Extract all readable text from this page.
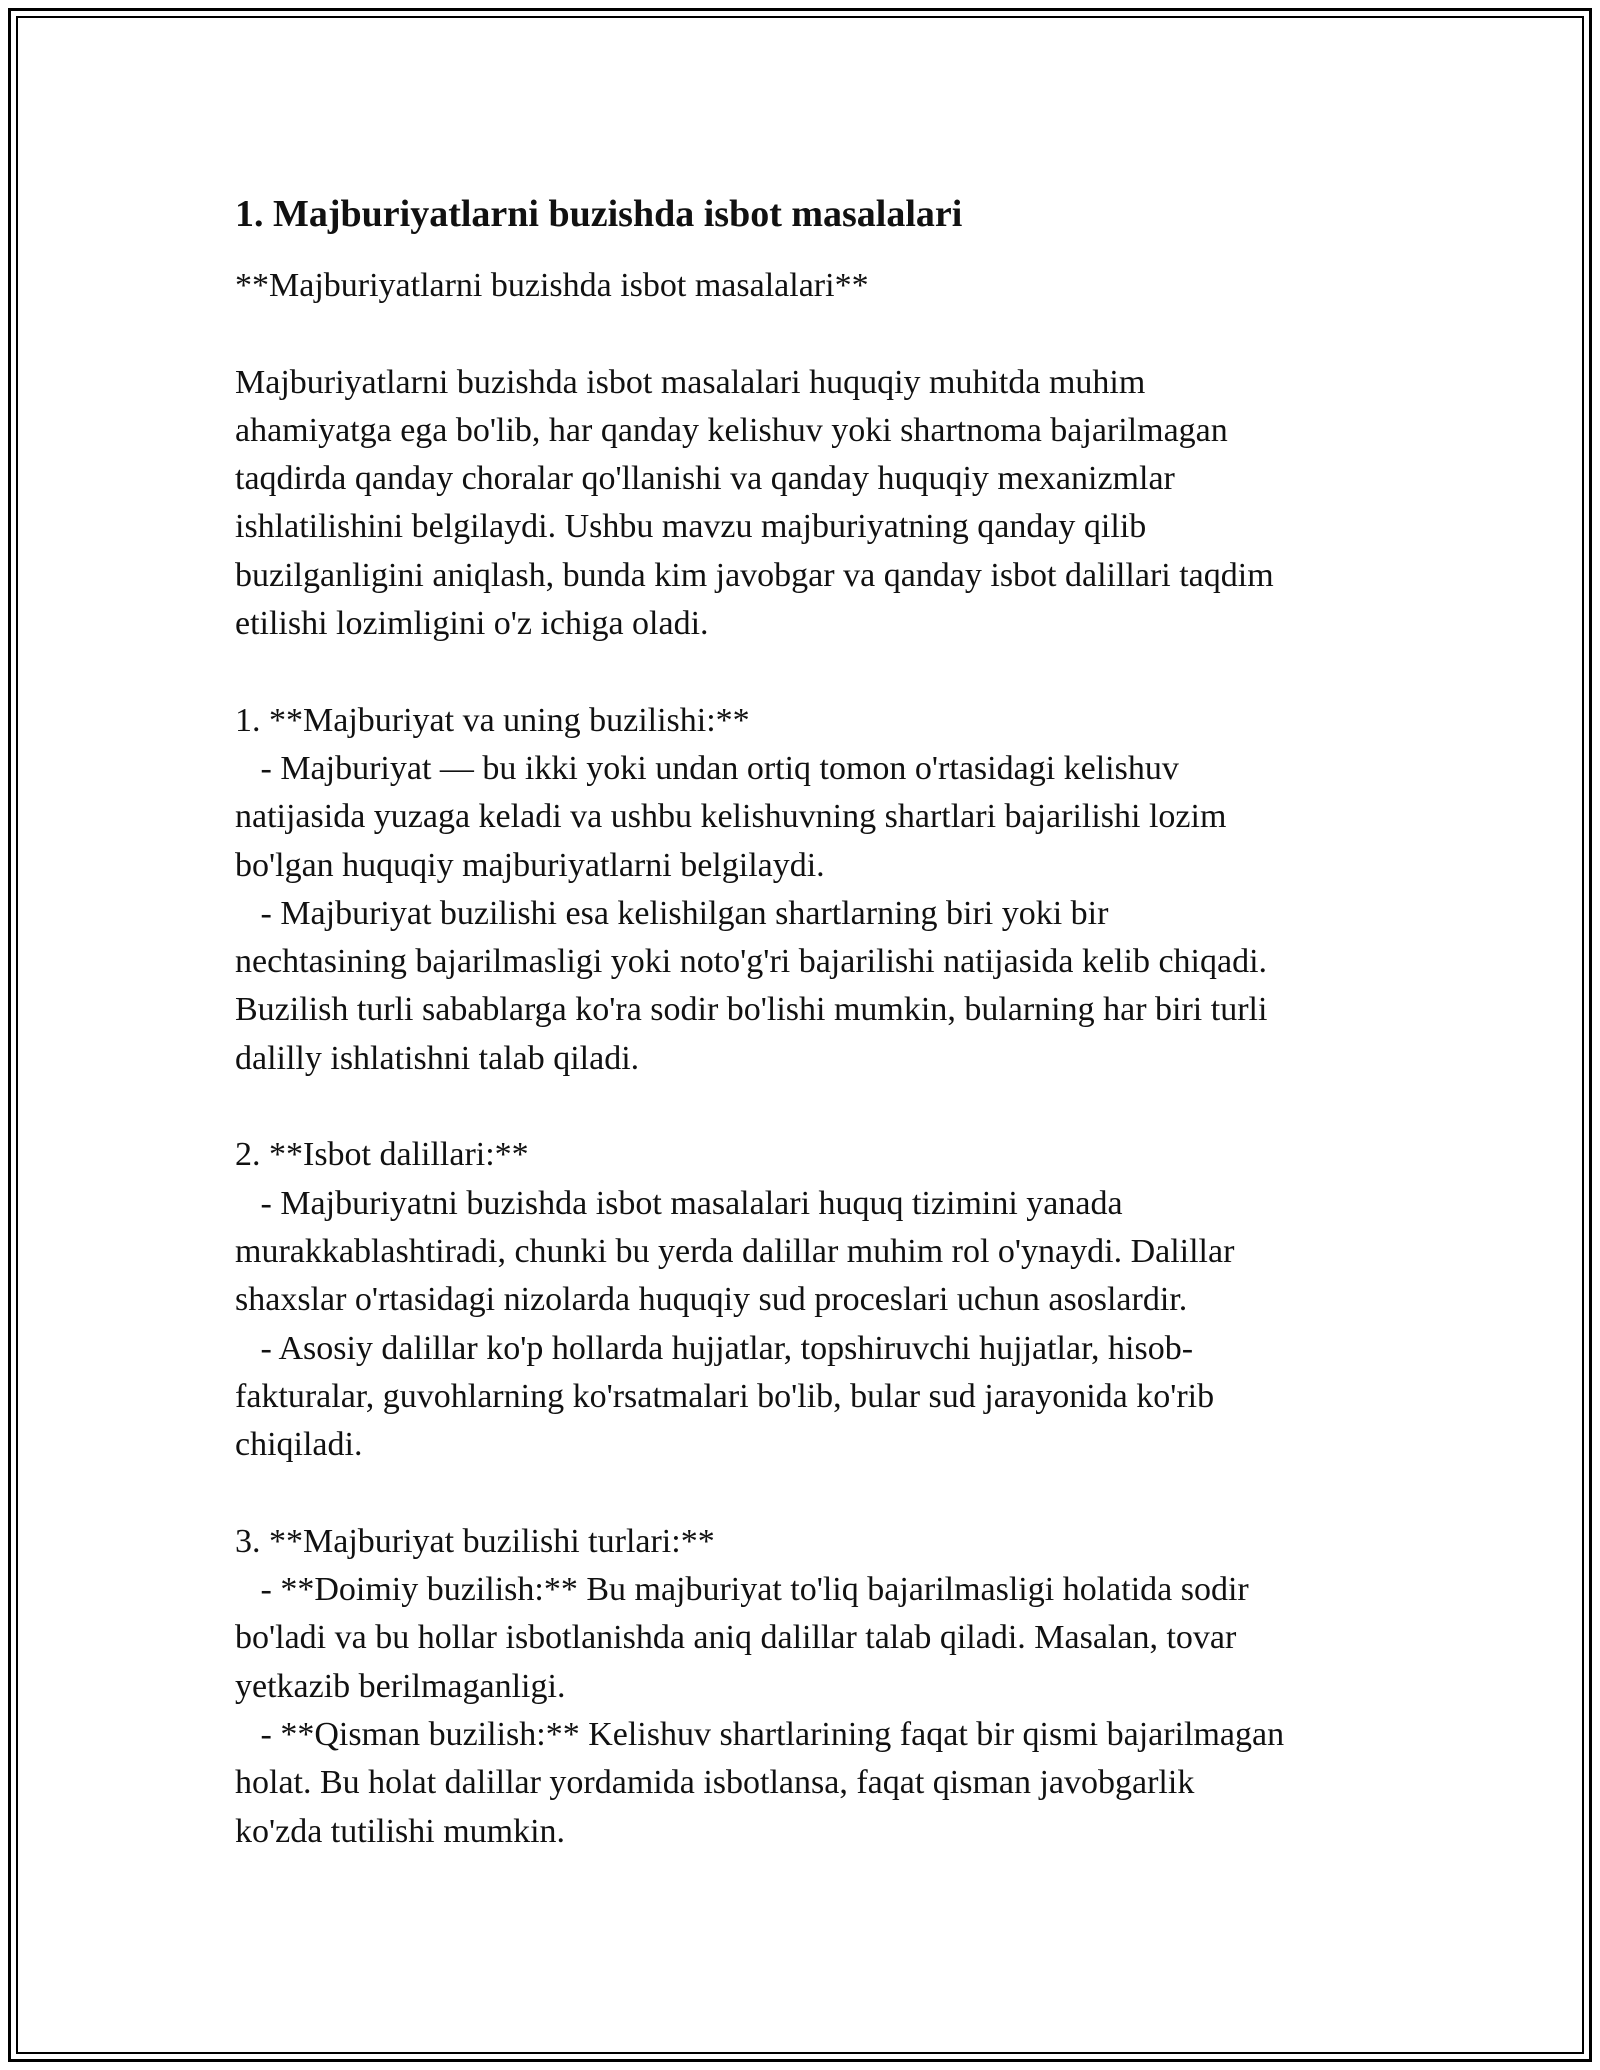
1. Majburiyatlarni buzishda isbot masalalari
**Majburiyatlarni buzishda isbot masalalari**
Majburiyatlarni buzishda isbot masalalari huquqiy muhitda muhim
ahamiyatga ega bo'lib, har qanday kelishuv yoki shartnoma bajarilmagan
taqdirda qanday choralar qo'llanishi va qanday huquqiy mexanizmlar
ishlatilishini belgilaydi. Ushbu mavzu majburiyatning qanday qilib
buzilganligini aniqlash, bunda kim javobgar va qanday isbot dalillari taqdim
etilishi lozimligini o'z ichiga oladi.
1. **Majburiyat va uning buzilishi:**
- Majburiyat — bu ikki yoki undan ortiq tomon o'rtasidagi kelishuv
natijasida yuzaga keladi va ushbu kelishuvning shartlari bajarilishi lozim
bo'lgan huquqiy majburiyatlarni belgilaydi.
- Majburiyat buzilishi esa kelishilgan shartlarning biri yoki bir
nechtasining bajarilmasligi yoki noto'g'ri bajarilishi natijasida kelib chiqadi.
Buzilish turli sabablarga ko'ra sodir bo'lishi mumkin, bularning har biri turli
dalilly ishlatishni talab qiladi.
2. **Isbot dalillari:**
- Majburiyatni buzishda isbot masalalari huquq tizimini yanada
murakkablashtiradi, chunki bu yerda dalillar muhim rol o'ynaydi. Dalillar
shaxslar o'rtasidagi nizolarda huquqiy sud proceslari uchun asoslardir.
- Asosiy dalillar ko'p hollarda hujjatlar, topshiruvchi hujjatlar, hisob-
fakturalar, guvohlarning ko'rsatmalari bo'lib, bular sud jarayonida ko'rib
chiqiladi.
3. **Majburiyat buzilishi turlari:**
- **Doimiy buzilish:** Bu majburiyat to'liq bajarilmasligi holatida sodir
bo'ladi va bu hollar isbotlanishda aniq dalillar talab qiladi. Masalan, tovar
yetkazib berilmaganligi.
- **Qisman buzilish:** Kelishuv shartlarining faqat bir qismi bajarilmagan
holat. Bu holat dalillar yordamida isbotlansa, faqat qisman javobgarlik
ko'zda tutilishi mumkin.
